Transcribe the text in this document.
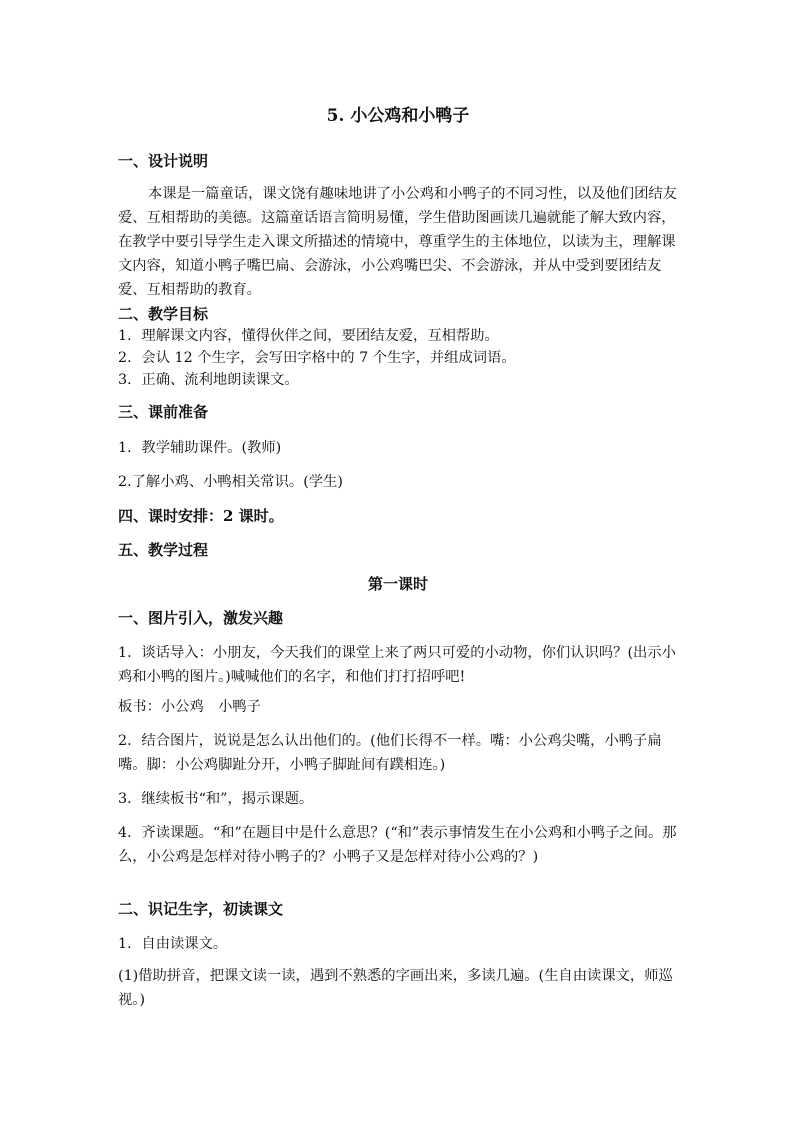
5. 小公鸡和小鸭子
一、设计说明

本课是一篇童话，课文饶有趣味地讲了小公鸡和小鸭子的不同习性，以及他们团结友爱、互相帮助的美德。这篇童话语言简明易懂，学生借助图画读几遍就能了解大致内容，在教学中要引导学生走入课文所描述的情境中，尊重学生的主体地位，以读为主，理解课文内容，知道小鸭子嘴巴扁、会游泳，小公鸡嘴巴尖、不会游泳，并从中受到要团结友爱、互相帮助的教育。

二、教学目标
1．理解课文内容，懂得伙伴之间，要团结友爱，互相帮助。
2．会认 12 个生字，会写田字格中的 7 个生字，并组成词语。
3．正确、流利地朗读课文。
三、课前准备
1．教学辅助课件。(教师)
2.了解小鸡、小鸭相关常识。(学生)
四、课时安排：2 课时。
五、教学过程
第一课时
一、图片引入，激发兴趣

1．谈话导入：小朋友，今天我们的课堂上来了两只可爱的小动物，你们认识吗？(出示小鸡和小鸭的图片。)喊喊他们的名字，和他们打打招呼吧!

板书：小公鸡　小鸭子

2．结合图片，说说是怎么认出他们的。(他们长得不一样。嘴：小公鸡尖嘴，小鸭子扁嘴。脚：小公鸡脚趾分开，小鸭子脚趾间有蹼相连。)

3．继续板书“和”，揭示课题。

4．齐读课题。“和”在题目中是什么意思？(“和”表示事情发生在小公鸡和小鸭子之间。那么，小公鸡是怎样对待小鸭子的？小鸭子又是怎样对待小公鸡的？)

二、识记生字，初读课文

1．自由读课文。

(1)借助拼音，把课文读一读，遇到不熟悉的字画出来，多读几遍。(生自由读课文，师巡视。)
